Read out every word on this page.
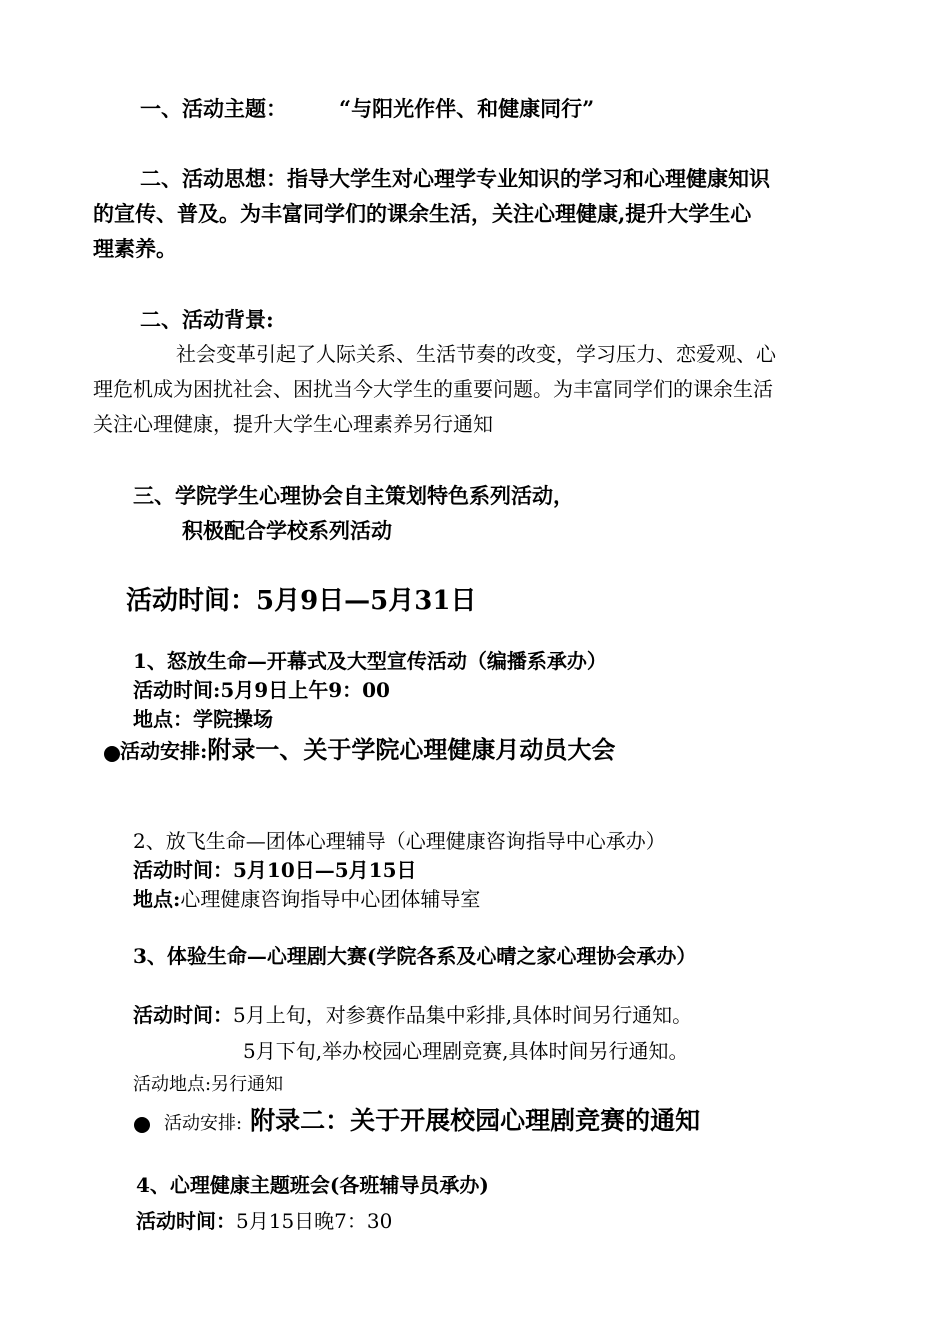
一、活动主题： “与阳光作伴、和健康同行”
二、活动思想：指导大学生对心理学专业知识的学习和心理健康知识
的宣传、普及。为丰富同学们的课余生活，关注心理健康,提升大学生心
理素养。
二、活动背景:
社会变革引起了人际关系、生活节奏的改变，学习压力、恋爱观、心
理危机成为困扰社会、困扰当今大学生的重要问题。为丰富同学们的课余生活
关注心理健康，提升大学生心理素养另行通知
三、学院学生心理协会自主策划特色系列活动，
积极配合学校系列活动
活动时间：5月9日—5月31日
1、怒放生命—开幕式及大型宣传活动（编播系承办）
活动时间:5月9日上午9：00
地点：学院操场
活动安排:附录一、关于学院心理健康月动员大会
2、放飞生命—团体心理辅导（心理健康咨询指导中心承办）
活动时间：5月10日—5月15日
地点:心理健康咨询指导中心团体辅导室
3、体验生命—心理剧大赛(学院各系及心晴之家心理协会承办）
活动时间：5月上旬，对参赛作品集中彩排,具体时间另行通知。
5月下旬,举办校园心理剧竞赛,具体时间另行通知。
活动地点:另行通知
活动安排: 附录二：关于开展校园心理剧竞赛的通知
4、心理健康主题班会(各班辅导员承办)
活动时间：5月15日晚7：30
